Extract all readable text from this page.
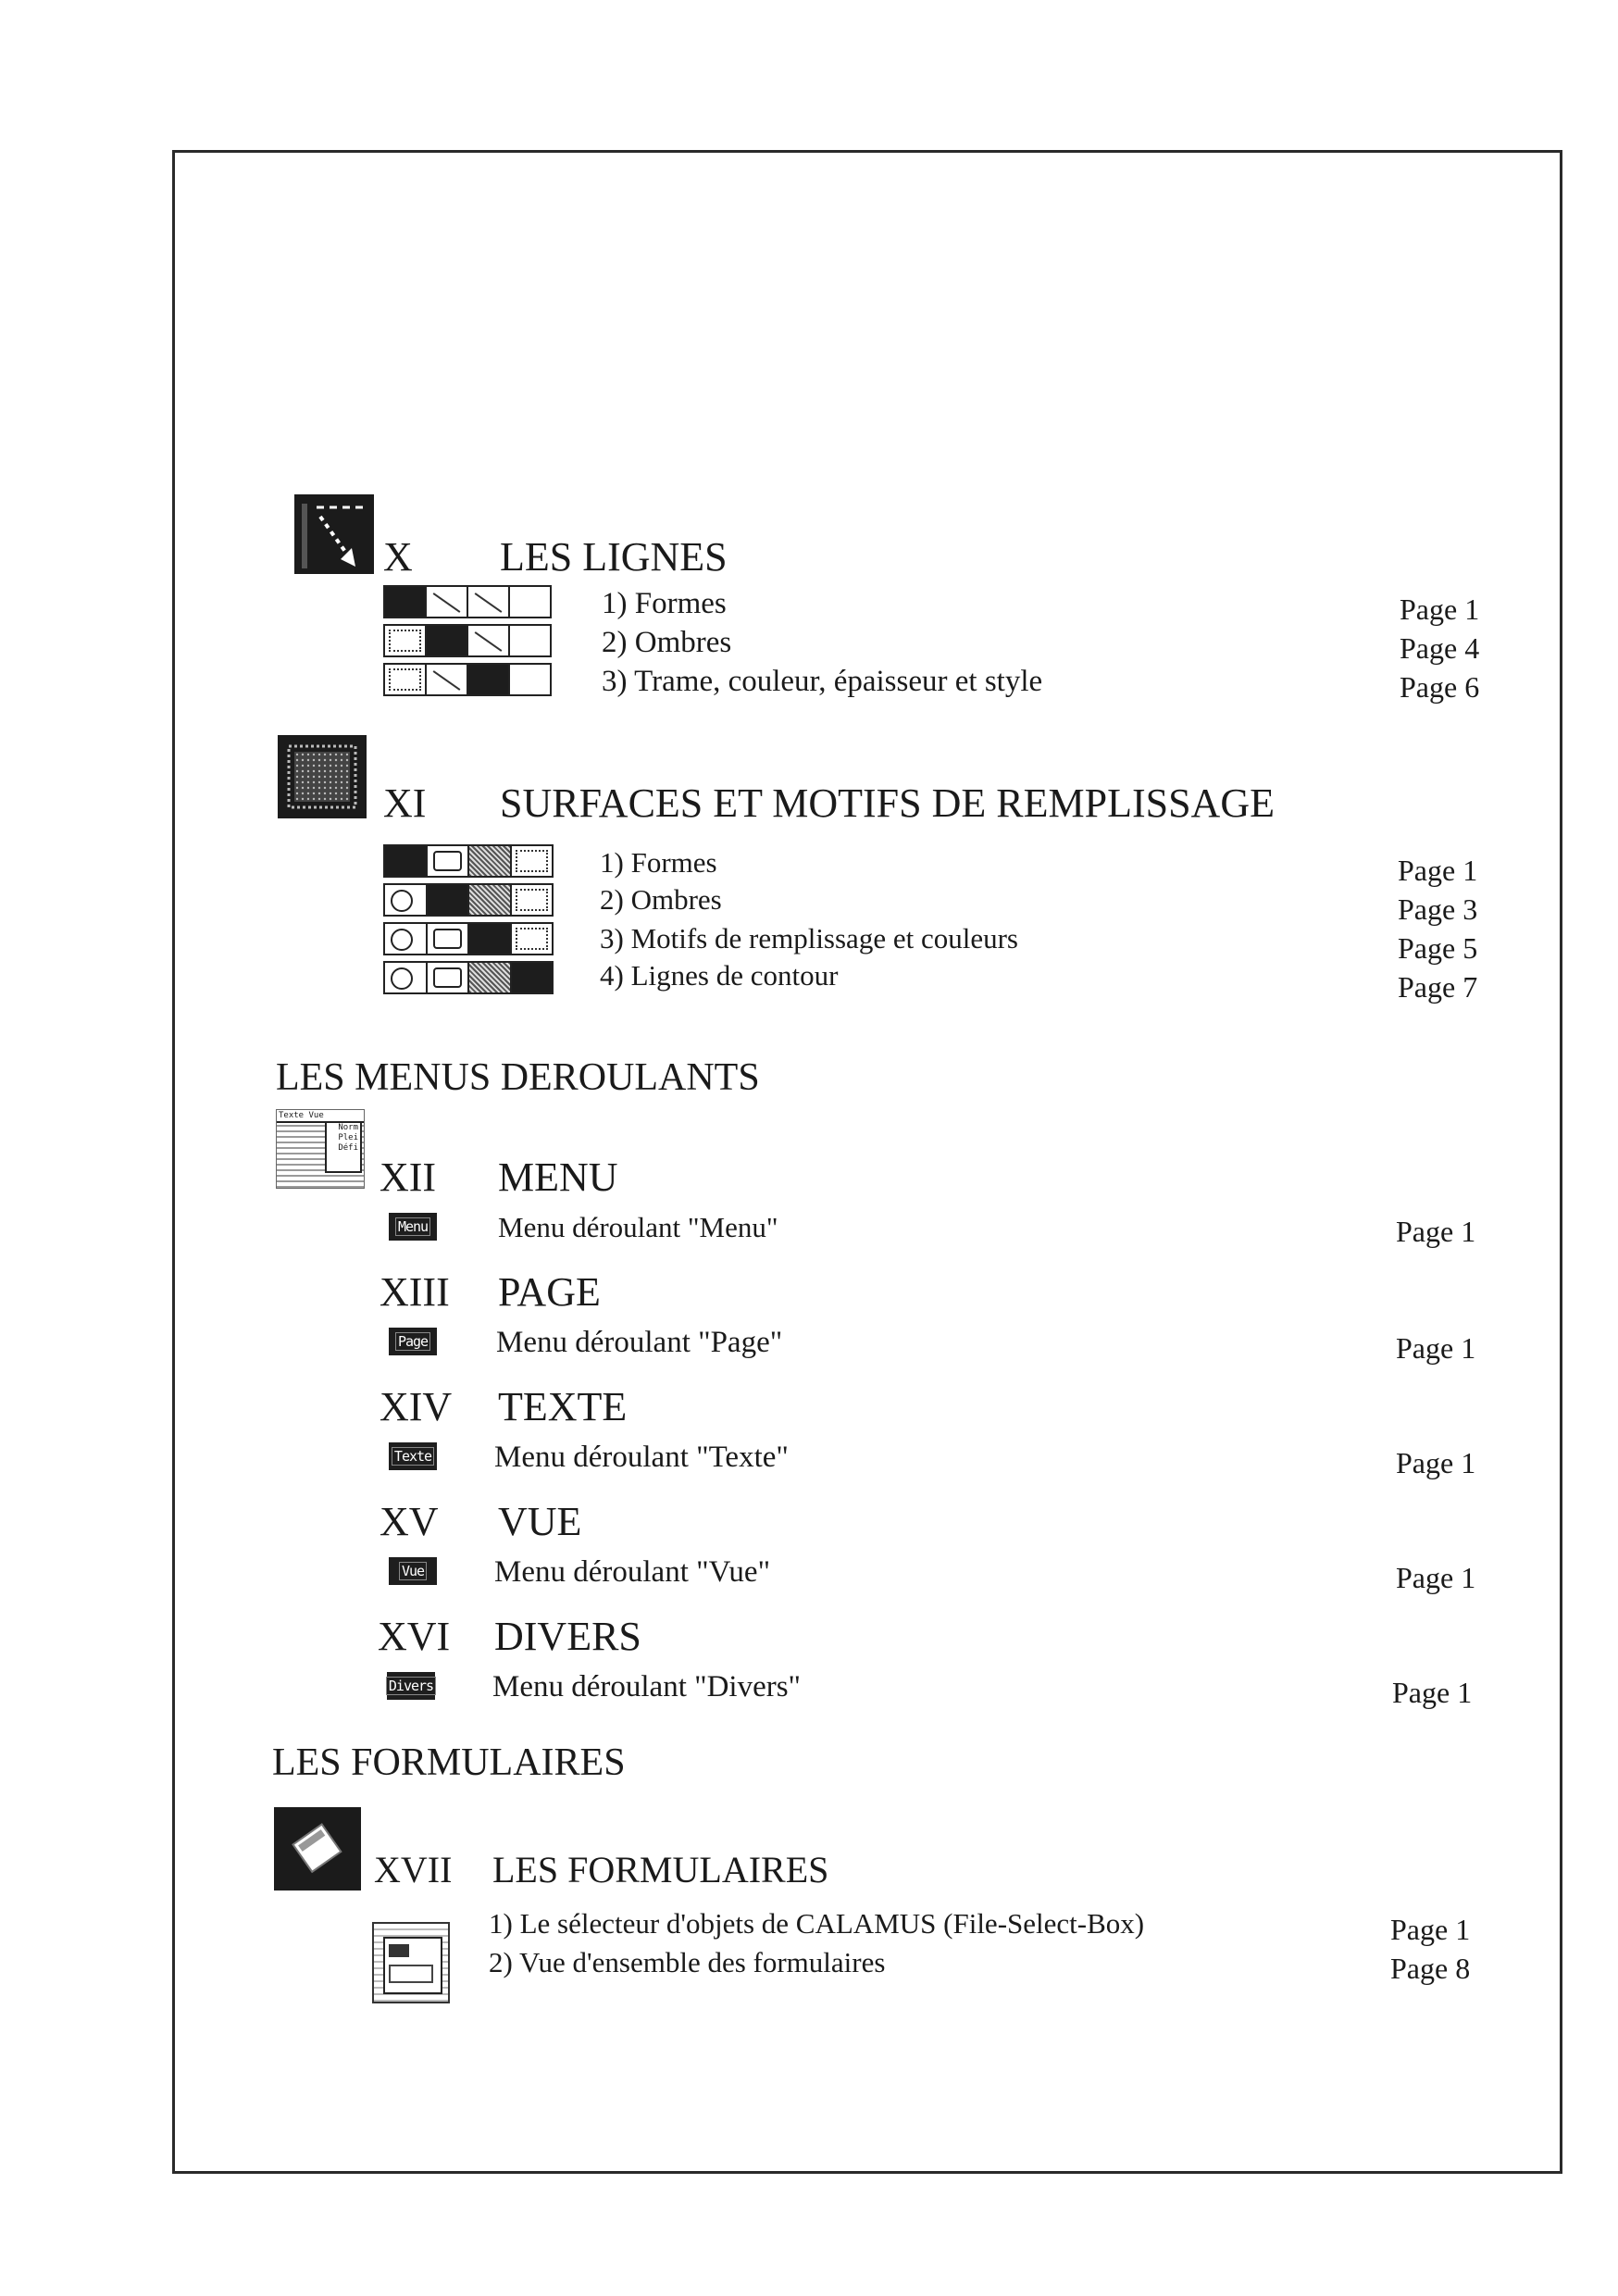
X LES LIGNES
1) Formes	Page 1
2) Ombres	Page 4
3) Trame, couleur, épaisseur et style	Page 6
XI SURFACES ET MOTIFS DE REMPLISSAGE
1) Formes	Page 1
2) Ombres	Page 3
3) Motifs de remplissage et couleurs	Page 5
4) Lignes de contour	Page 7
LES MENUS DEROULANTS
Texte Vue
Norm Plei Défi
XII MENU
Menu Menu déroulant "Menu"	Page 1
XIII PAGE
Page Menu déroulant "Page"	Page 1
XIV TEXTE
Texte Menu déroulant "Texte"	Page 1
XV VUE
Vue Menu déroulant "Vue"	Page 1
XVI DIVERS
Divers Menu déroulant "Divers"	Page 1
LES FORMULAIRES
XVII LES FORMULAIRES
1) Le sélecteur d'objets de CALAMUS (File-Select-Box)	Page 1
2) Vue d'ensemble des formulaires	Page 8
